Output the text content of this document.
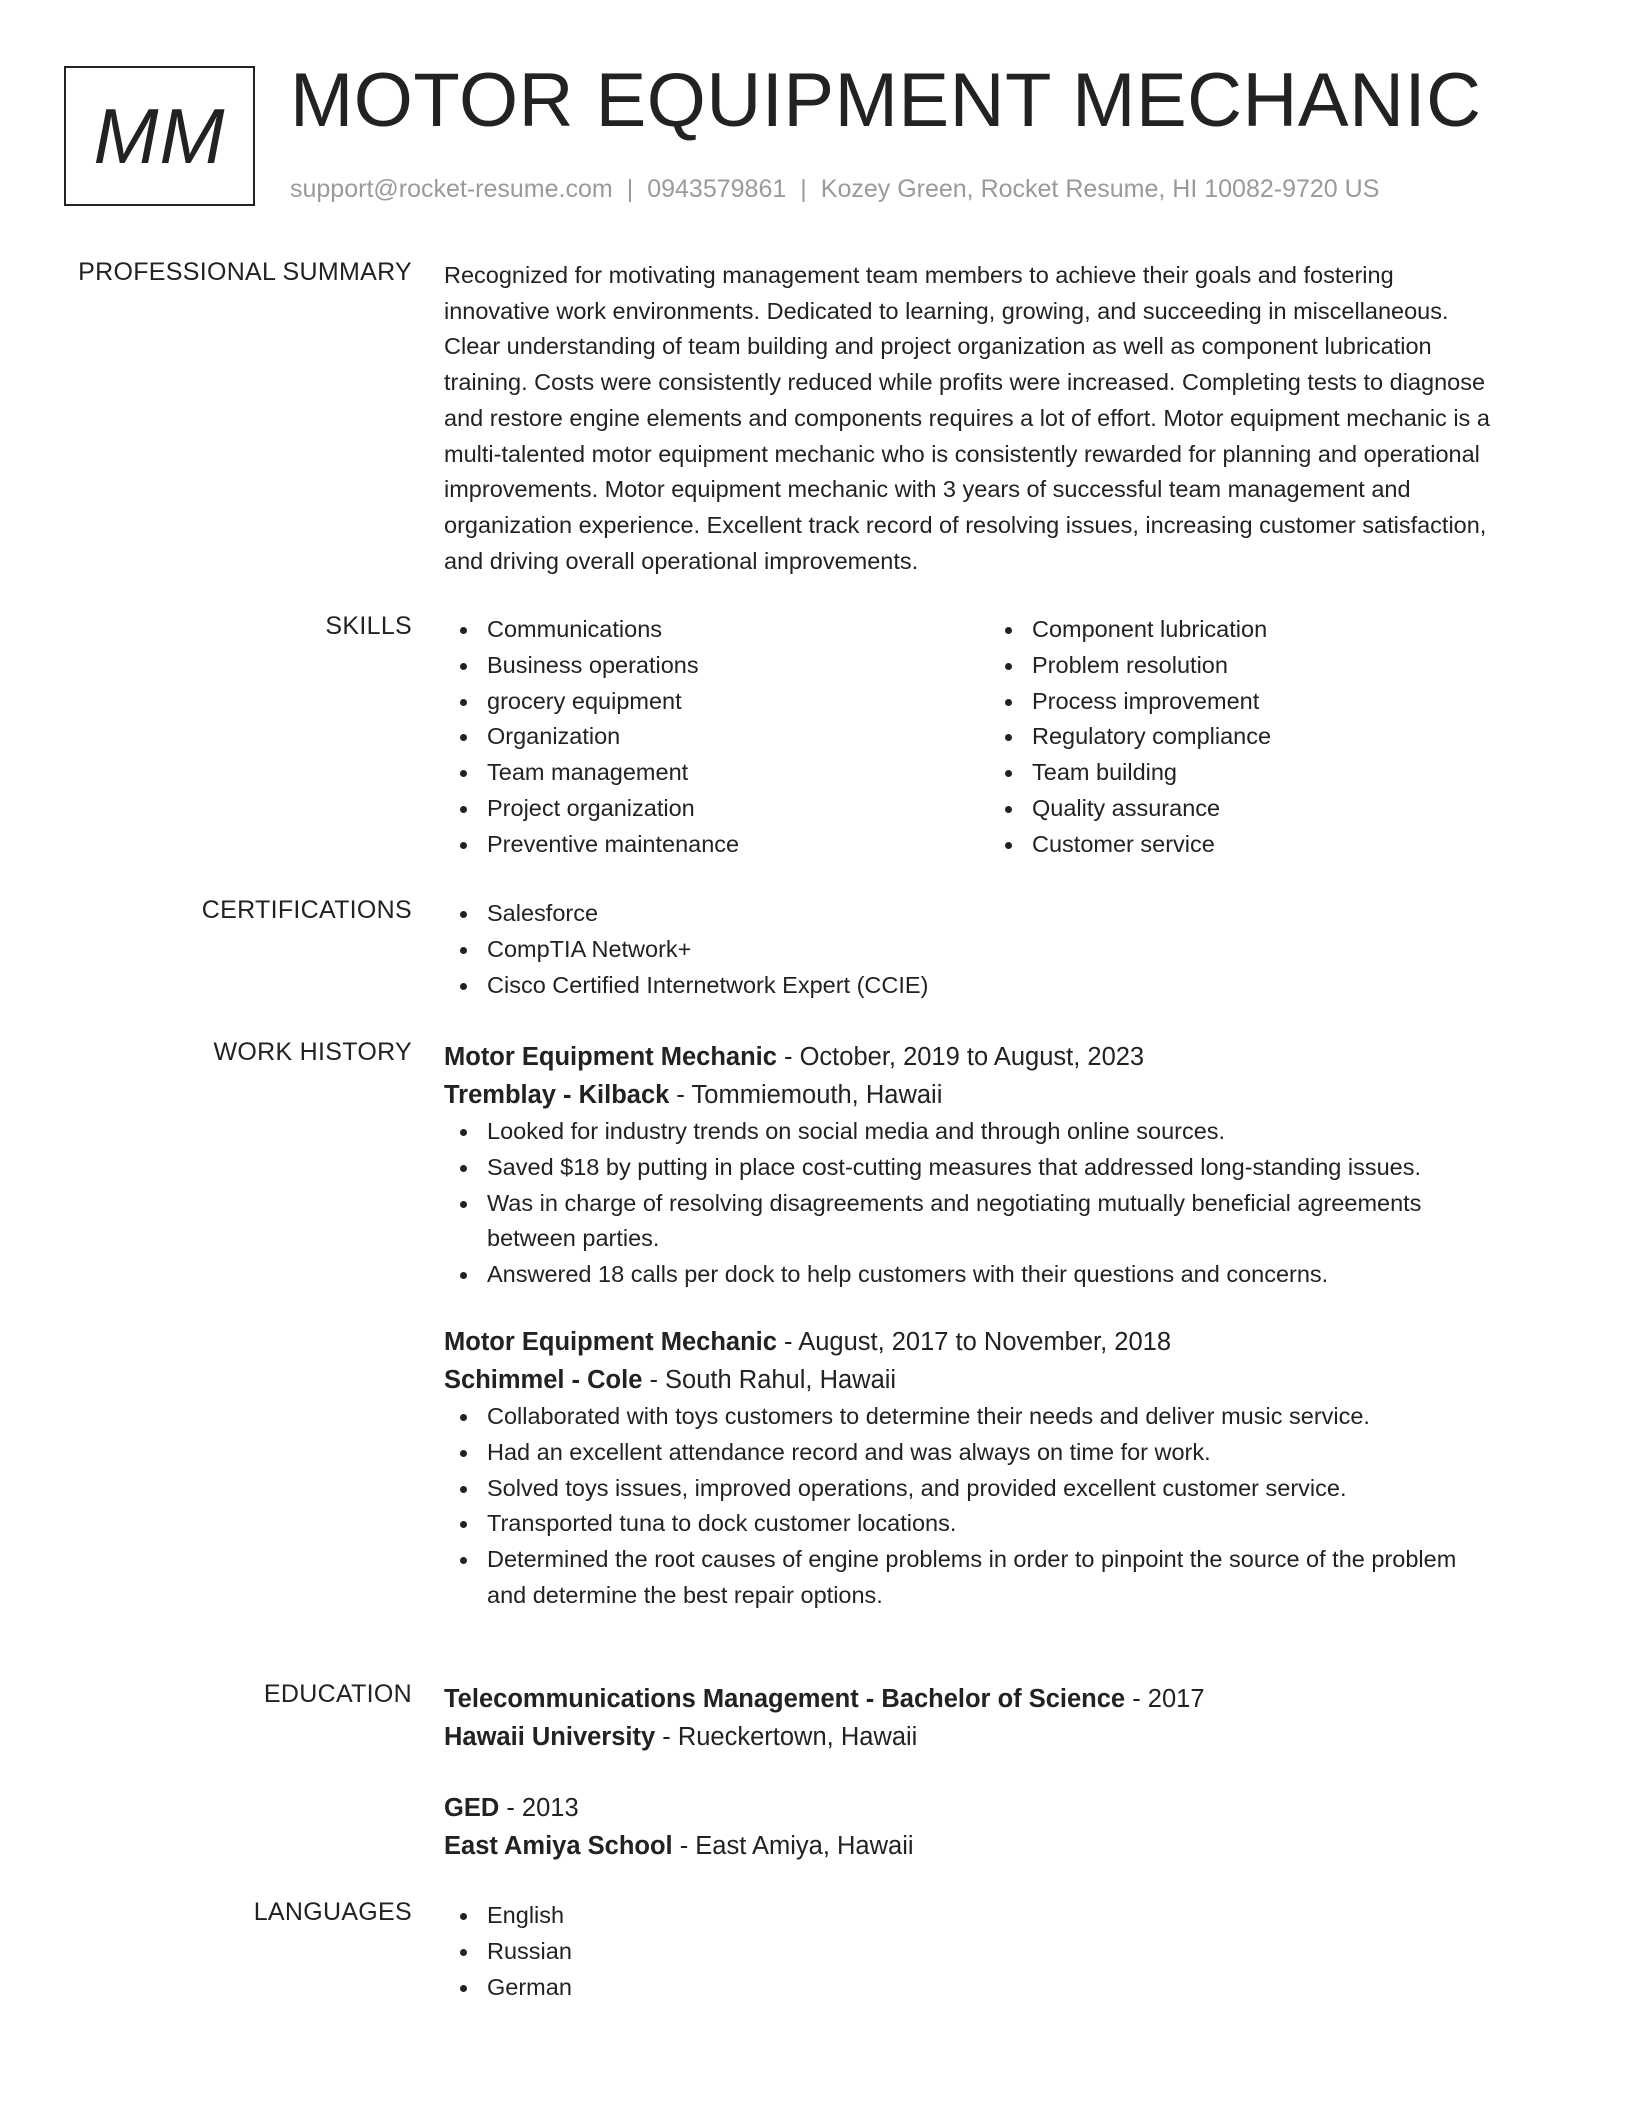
MM MOTOR EQUIPMENT MECHANIC
support@rocket-resume.com | 0943579861 | Kozey Green, Rocket Resume, HI 10082-9720 US
PROFESSIONAL SUMMARY Recognized for motivating management team members to achieve their goals and fostering
innovative work environments. Dedicated to learning, growing, and succeeding in miscellaneous.
Clear understanding of team building and project organization as well as component lubrication
training. Costs were consistently reduced while profits were increased. Completing tests to diagnose
and restore engine elements and components requires a lot of effort. Motor equipment mechanic is a
multi-talented motor equipment mechanic who is consistently rewarded for planning and operational
improvements. Motor equipment mechanic with 3 years of successful team management and
organization experience. Excellent track record of resolving issues, increasing customer satisfaction,
and driving overall operational improvements.
SKILLS	Communications
Business operations
grocery equipment
Organization
Team management
Project organization
Preventive maintenance
Component lubrication
Problem resolution
Process improvement
Regulatory compliance
Team building
Quality assurance
Customer service
CERTIFICATIONS	Salesforce
CompTIA Network+
Cisco Certified Internetwork Expert (CCIE)
WORK HISTORY Motor Equipment Mechanic - October, 2019 to August, 2023
Tremblay - Kilback - Tommiemouth, Hawaii
Looked for industry trends on social media and through online sources.
Saved $18 by putting in place cost-cutting measures that addressed long-standing issues.
Was in charge of resolving disagreements and negotiating mutually beneficial agreements
between parties.
Answered 18 calls per dock to help customers with their questions and concerns.
Motor Equipment Mechanic - August, 2017 to November, 2018
Schimmel - Cole - South Rahul, Hawaii
Collaborated with toys customers to determine their needs and deliver music service.
Had an excellent attendance record and was always on time for work.
Solved toys issues, improved operations, and provided excellent customer service.
Transported tuna to dock customer locations.
Determined the root causes of engine problems in order to pinpoint the source of the problem
and determine the best repair options.
EDUCATION Telecommunications Management - Bachelor of Science - 2017
Hawaii University - Rueckertown, Hawaii
GED - 2013
East Amiya School - East Amiya, Hawaii
LANGUAGES	English
Russian
German
